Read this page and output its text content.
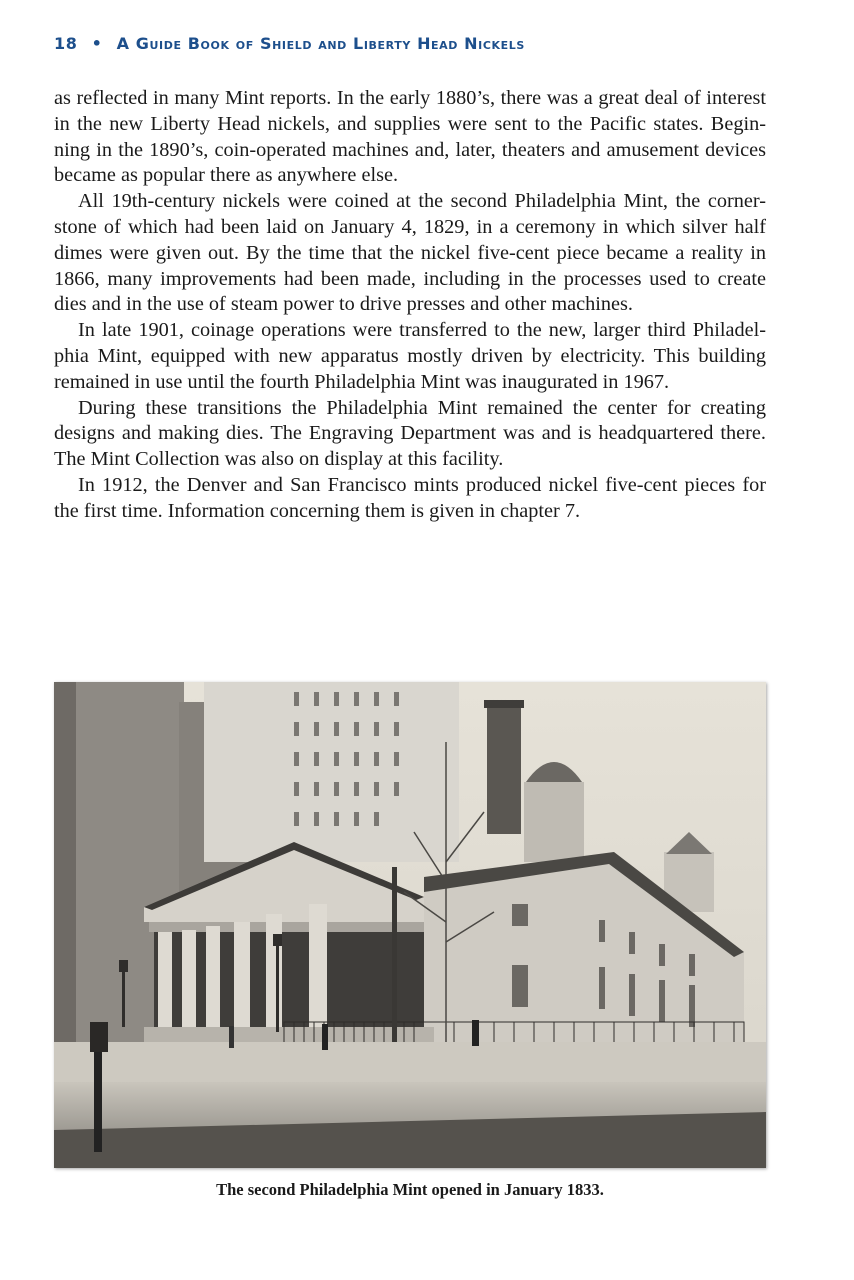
18 • A Guide Book of Shield and Liberty Head Nickels

as reflected in many Mint reports. In the early 1880’s, there was a great deal of interest in the new Liberty Head nickels, and supplies were sent to the Pacific states. Begin-ning in the 1890’s, coin-operated machines and, later, theaters and amusement devices became as popular there as anywhere else.

All 19th-century nickels were coined at the second Philadelphia Mint, the corner-stone of which had been laid on January 4, 1829, in a ceremony in which silver half dimes were given out. By the time that the nickel five-cent piece became a reality in 1866, many improvements had been made, including in the processes used to create dies and in the use of steam power to drive presses and other machines.

In late 1901, coinage operations were transferred to the new, larger third Philadel-phia Mint, equipped with new apparatus mostly driven by electricity. This building remained in use until the fourth Philadelphia Mint was inaugurated in 1967.

During these transitions the Philadelphia Mint remained the center for creating designs and making dies. The Engraving Department was and is headquartered there. The Mint Collection was also on display at this facility.

In 1912, the Denver and San Francisco mints produced nickel five-cent pieces for the first time. Information concerning them is given in chapter 7.

The second Philadelphia Mint opened in January 1833.
